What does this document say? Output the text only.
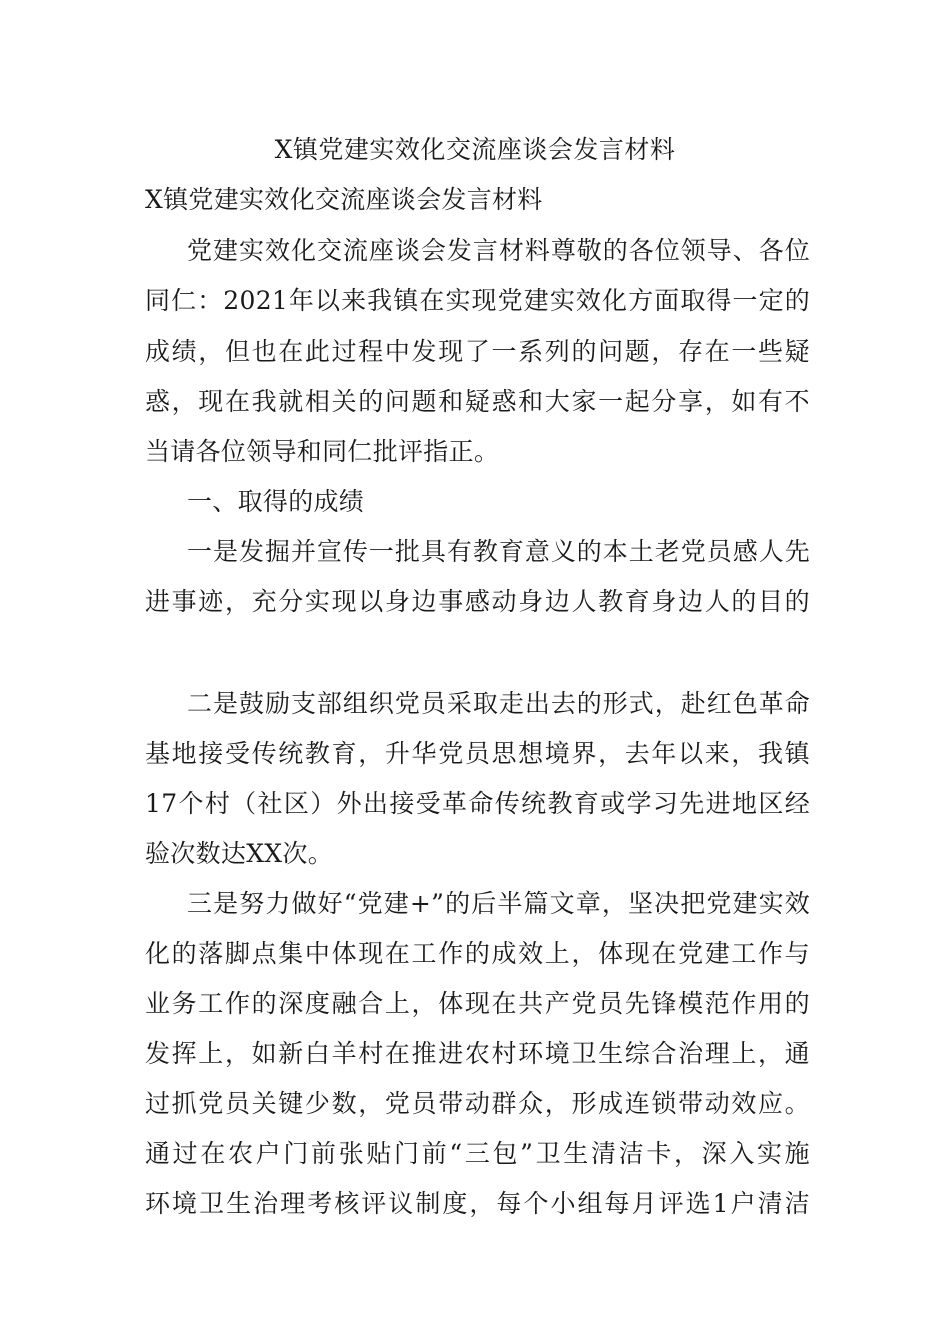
X镇党建实效化交流座谈会发言材料

X镇党建实效化交流座谈会发言材料

党建实效化交流座谈会发言材料尊敬的各位领导、各位

同仁：2021年以来我镇在实现党建实效化方面取得一定的

成绩，但也在此过程中发现了一系列的问题，存在一些疑

惑，现在我就相关的问题和疑惑和大家一起分享，如有不

当请各位领导和同仁批评指正。

一、取得的成绩

一是发掘并宣传一批具有教育意义的本土老党员感人先

进事迹，充分实现以身边事感动身边人教育身边人的目的

二是鼓励支部组织党员采取走出去的形式，赴红色革命

基地接受传统教育，升华党员思想境界，去年以来，我镇

17个村（社区）外出接受革命传统教育或学习先进地区经

验次数达XX次。

三是努力做好“党建+”的后半篇文章，坚决把党建实效

化的落脚点集中体现在工作的成效上，体现在党建工作与

业务工作的深度融合上，体现在共产党员先锋模范作用的

发挥上，如新白羊村在推进农村环境卫生综合治理上，通

过抓党员关键少数，党员带动群众，形成连锁带动效应。

通过在农户门前张贴门前“三包”卫生清洁卡，深入实施

环境卫生治理考核评议制度，每个小组每月评选1户清洁
